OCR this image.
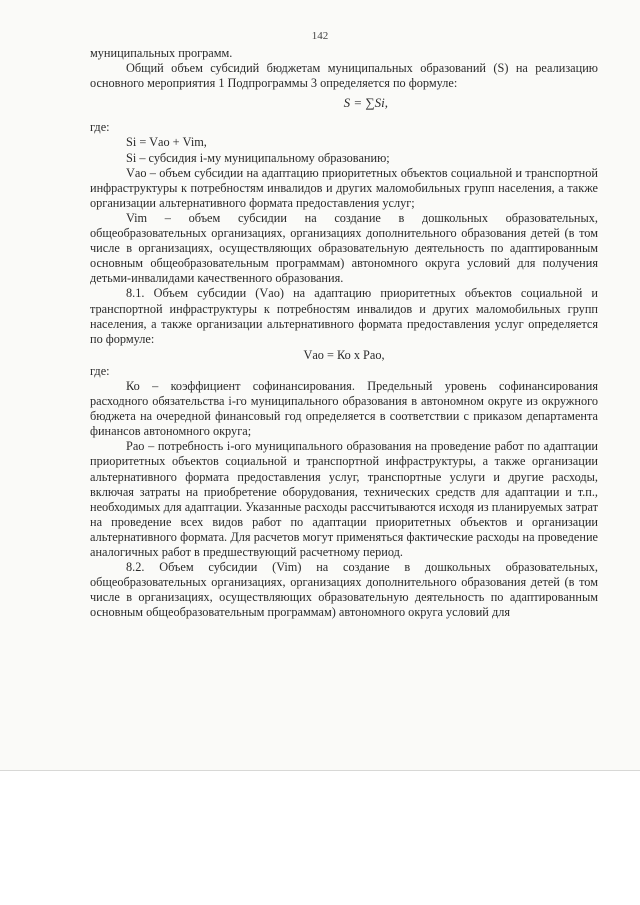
142

муниципальных программ.

Общий объем субсидий бюджетам муниципальных образований (S) на реализацию основного мероприятия 1 Подпрограммы 3 определяется по формуле:

S = ∑Si,

где:

Si = Vао + Vim,

Si – субсидия i-му муниципальному образованию;

Vао – объем субсидии на адаптацию приоритетных объектов социальной и транспортной инфраструктуры к потребностям инвалидов и других маломобильных групп населения, а также организации альтернативного формата предоставления услуг;

Vim – объем субсидии на создание в дошкольных образовательных, общеобразовательных организациях, организациях дополнительного образования детей (в том числе в организациях, осуществляющих образовательную деятельность по адаптированным основным общеобразовательным программам) автономного округа условий для получения детьми-инвалидами качественного образования.

8.1. Объем субсидии (Vао) на адаптацию приоритетных объектов социальной и транспортной инфраструктуры к потребностям инвалидов и других маломобильных групп населения, а также организации альтернативного формата предоставления услуг определяется по формуле:

Vао = Ко x Pао,

где:

Ко – коэффициент софинансирования. Предельный уровень софинансирования расходного обязательства i-го муниципального образования в автономном округе из окружного бюджета на очередной финансовый год определяется в соответствии с приказом департамента финансов автономного округа;

Pао – потребность i-ого муниципального образования на проведение работ по адаптации приоритетных объектов социальной и транспортной инфраструктуры, а также организации альтернативного формата предоставления услуг, транспортные услуги и другие расходы, включая затраты на приобретение оборудования, технических средств для адаптации и т.п., необходимых для адаптации. Указанные расходы рассчитываются исходя из планируемых затрат на проведение всех видов работ по адаптации приоритетных объектов и организации альтернативного формата. Для расчетов могут применяться фактические расходы на проведение аналогичных работ в предшествующий расчетному период.

8.2. Объем субсидии (Vim) на создание в дошкольных образовательных, общеобразовательных организациях, организациях дополнительного образования детей (в том числе в организациях, осуществляющих образовательную деятельность по адаптированным основным общеобразовательным программам) автономного округа условий для
